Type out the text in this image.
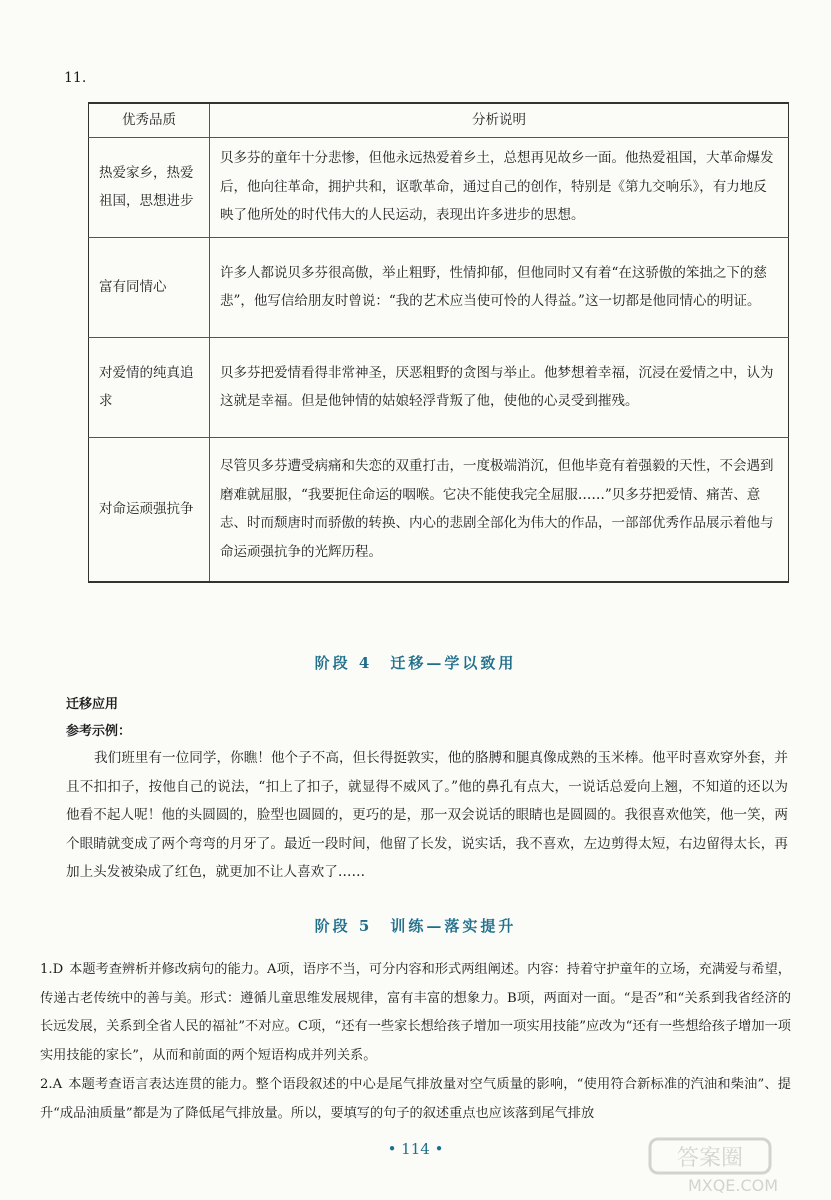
11.
优秀品质	分析说明
热爱家乡，热爱祖国，思想进步	贝多芬的童年十分悲惨，但他永远热爱着乡土，总想再见故乡一面。他热爱祖国，大革命爆发后，他向往革命，拥护共和，讴歌革命，通过自己的创作，特别是《第九交响乐》，有力地反映了他所处的时代伟大的人民运动，表现出许多进步的思想。
富有同情心	许多人都说贝多芬很高傲，举止粗野，性情抑郁，但他同时又有着“在这骄傲的笨拙之下的慈悲”，他写信给朋友时曾说：“我的艺术应当使可怜的人得益。”这一切都是他同情心的明证。
对爱情的纯真追求	贝多芬把爱情看得非常神圣，厌恶粗野的贪图与举止。他梦想着幸福，沉浸在爱情之中，认为这就是幸福。但是他钟情的姑娘轻浮背叛了他，使他的心灵受到摧残。
对命运顽强抗争	尽管贝多芬遭受病痛和失恋的双重打击，一度极端消沉，但他毕竟有着强毅的天性，不会遇到磨难就屈服，“我要扼住命运的咽喉。它决不能使我完全屈服……”贝多芬把爱情、痛苦、意志、时而颓唐时而骄傲的转换、内心的悲剧全部化为伟大的作品，一部部优秀作品展示着他与命运顽强抗争的光辉历程。
阶段 4　迁移—学以致用
迁移应用
参考示例：
我们班里有一位同学，你瞧！他个子不高，但长得挺敦实，他的胳膊和腿真像成熟的玉米棒。他平时喜欢穿外套，并且不扣扣子，按他自己的说法，“扣上了扣子，就显得不威风了。”他的鼻孔有点大，一说话总爱向上翘，不知道的还以为他看不起人呢！他的头圆圆的，脸型也圆圆的，更巧的是，那一双会说话的眼睛也是圆圆的。我很喜欢他笑，他一笑，两个眼睛就变成了两个弯弯的月牙了。最近一段时间，他留了长发，说实话，我不喜欢，左边剪得太短，右边留得太长，再加上头发被染成了红色，就更加不让人喜欢了……
阶段 5　训练—落实提升
1.D 本题考查辨析并修改病句的能力。A项，语序不当，可分内容和形式两组阐述。内容：持着守护童年的立场，充满爱与希望，传递古老传统中的善与美。形式：遵循儿童思维发展规律，富有丰富的想象力。B项，两面对一面。“是否”和“关系到我省经济的长远发展，关系到全省人民的福祉”不对应。C项，“还有一些家长想给孩子增加一项实用技能”应改为“还有一些想给孩子增加一项实用技能的家长”，从而和前面的两个短语构成并列关系。
2.A 本题考查语言表达连贯的能力。整个语段叙述的中心是尾气排放量对空气质量的影响，“使用符合新标准的汽油和柴油”、提升“成品油质量”都是为了降低尾气排放量。所以，要填写的句子的叙述重点也应该落到尾气排放
• 114 •	答案圈
MXQE.COM
